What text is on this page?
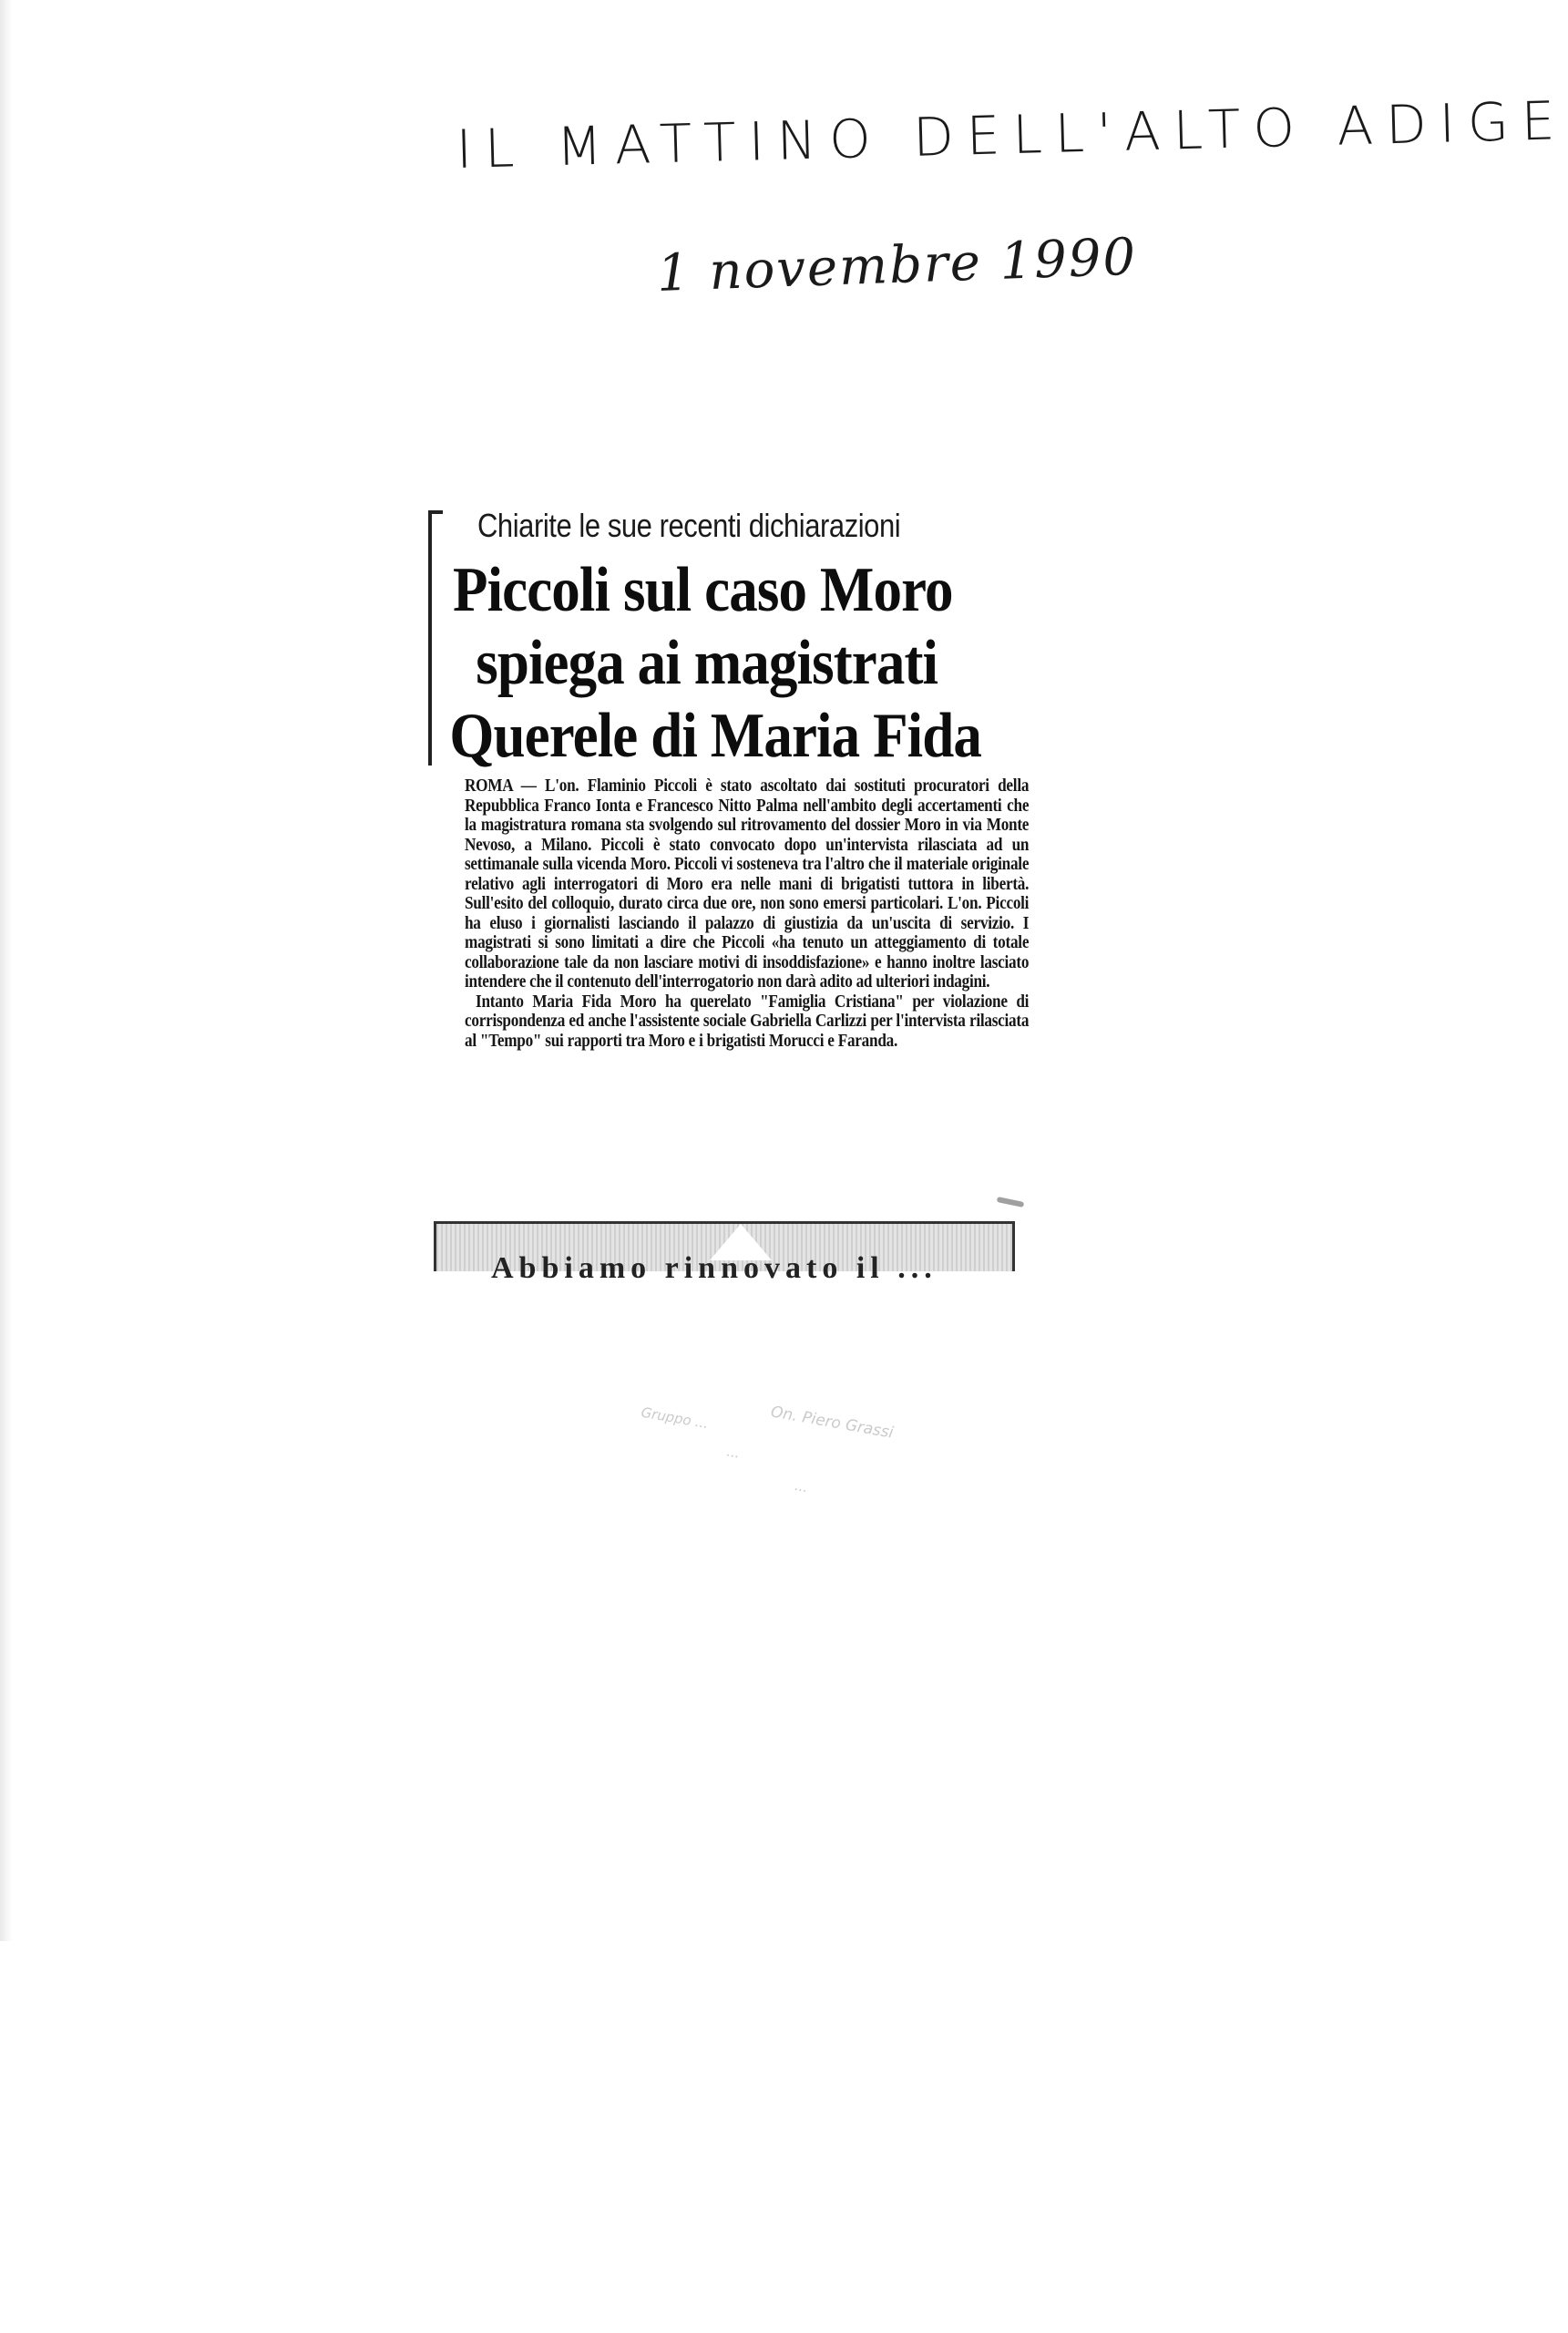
IL MATTINO DELL'ALTO ADIGE
1 novembre 1990
Chiarite le sue recenti dichiarazioni
Piccoli sul caso Moro
spiega ai magistrati
Querele di Maria Fida

ROMA — L'on. Flaminio Piccoli è stato ascoltato dai sostituti procuratori della Repubblica Franco Ionta e Francesco Nitto Palma nell'ambito degli accertamenti che la magistratura romana sta svolgendo sul ritrovamento del dossier Moro in via Monte Nevoso, a Milano. Piccoli è stato convocato dopo un'intervista rilasciata ad un settimanale sulla vicenda Moro. Piccoli vi sosteneva tra l'altro che il materiale originale relativo agli interrogatori di Moro era nelle mani di brigatisti tuttora in libertà. Sull'esito del colloquio, durato circa due ore, non sono emersi particolari. L'on. Piccoli ha eluso i giornalisti lasciando il palazzo di giustizia da un'uscita di servizio. I magistrati si sono limitati a dire che Piccoli «ha tenuto un atteggiamento di totale collaborazione tale da non lasciare motivi di insoddisfazione» e hanno inoltre lasciato intendere che il contenuto dell'interrogatorio non darà adito ad ulteriori indagini.

Intanto Maria Fida Moro ha querelato "Famiglia Cristiana" per violazione di corrispondenza ed anche l'assistente sociale Gabriella Carlizzi per l'intervista rilasciata al "Tempo" sui rapporti tra Moro e i brigatisti Morucci e Faranda.

Abbiamo rinnovato il ...
On. Piero Grassi
Gruppo ...
...
...
